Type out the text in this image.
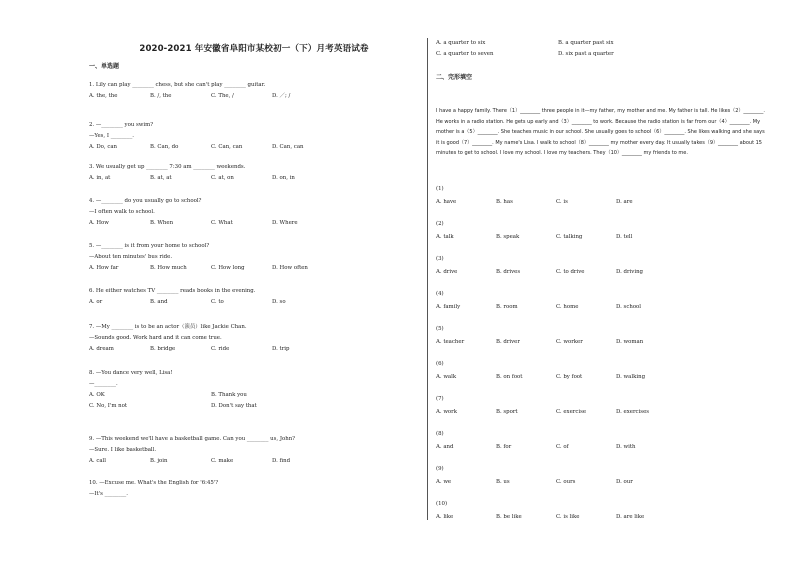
2020-2021 年安徽省阜阳市某校初一（下）月考英语试卷
一、单选题
1. Lily can play ________ chess, but she can't play ________ guitar.
A. the, the	B. /, the	C. The, /	D. ／; /
2. —________ you swim?
—Yes, I ________.
A. Do, can	B. Can, do	C. Can, can	D. Can, can
3. We usually get up ________ 7:30 am ________ weekends.
A. in, at	B. at, at	C. at, on	D. on, in
4. —________ do you usually go to school?
—I often walk to school.
A. How	B. When	C. What	D. Where
5. —________ is it from your home to school?
—About ten minutes' bus ride.
A. How far	B. How much	C. How long	D. How often
6. He either watches TV ________ reads books in the evening.
A. or	B. and	C. to	D. so
7. —My ________ is to be an actor（演员）like Jackie Chan.
—Sounds good. Work hard and it can come true.
A. dream	B. bridge	C. ride	D. trip
8. —You dance very well, Lisa!
—________.
A. OK	B. Thank you
C. No, I'm not	D. Don't say that
9. —This weekend we'll have a basketball game. Can you ________ us, John?
—Sure. I like basketball.
A. call	B. join	C. make	D. find
10. —Excuse me. What's the English for '6:45'?
—It's ________.
A. a quarter to six	B. a quarter past six
C. a quarter to seven	D. six past a quarter
二、完形填空
I have a happy family. There（1）________ three people in it—my father, my mother and me. My father is tall. He likes（2）________. He works in a radio station. He gets up early and（3）________ to work. Because the radio station is far from our（4）________. My mother is a（5）________. She teaches music in our school. She usually goes to school（6）________. She likes walking and she says it is good（7）________. My name's Lisa. I walk to school（8）________ my mother every day. It usually takes（9）________ about 15 minutes to get to school. I love my school. I love my teachers. They（10）________ my friends to me.
(1)
A. have	B. has	C. is	D. are
(2)
A. talk	B. speak	C. talking	D. tell
(3)
A. drive	B. drives	C. to drive	D. driving
(4)
A. family	B. room	C. home	D. school
(5)
A. teacher	B. driver	C. worker	D. woman
(6)
A. walk	B. on foot	C. by foot	D. walking
(7)
A. work	B. sport	C. exercise	D. exercises
(8)
A. and	B. for	C. of	D. with
(9)
A. we	B. us	C. ours	D. our
(10)
A. like	B. be like	C. is like	D. are like
